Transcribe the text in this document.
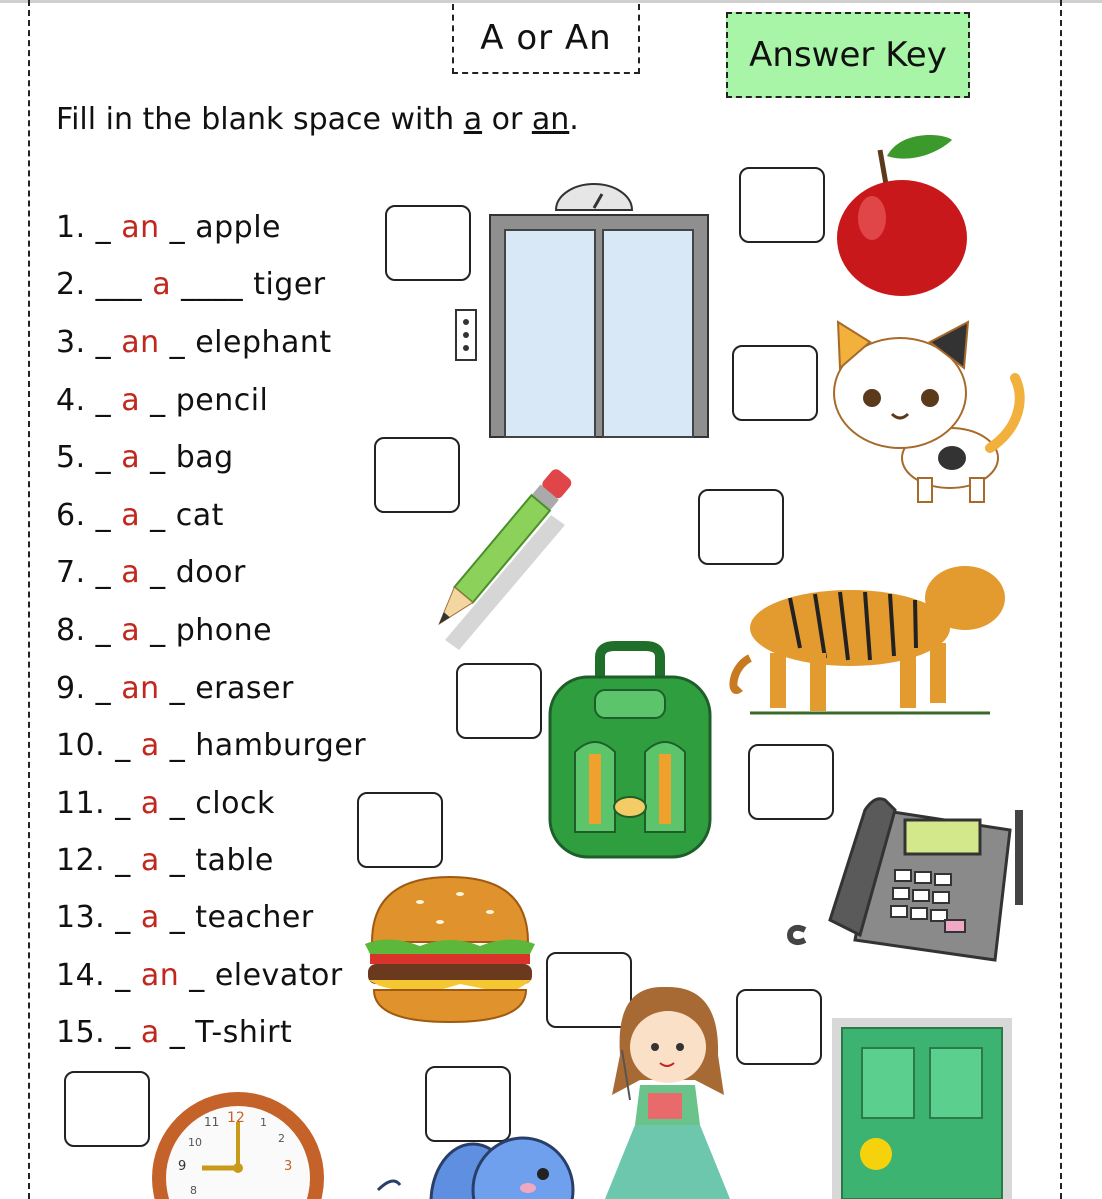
A or An	Answer Key
Fill in the blank space with a or an.
1. _ an _ apple
2. ___ a ____ tiger
3. _ an _ elephant
4. _ a _ pencil
5. _ a _ bag
6. _ a _ cat
7. _ a _ door
8. _ a _ phone
9. _ an _ eraser
10. _ a _ hamburger
11. _ a _ clock
12. _ a _ table
13. _ a _ teacher
14. _ an _ elevator
15. _ a _ T-shirt
11 12
10
9	3
2
1
8
